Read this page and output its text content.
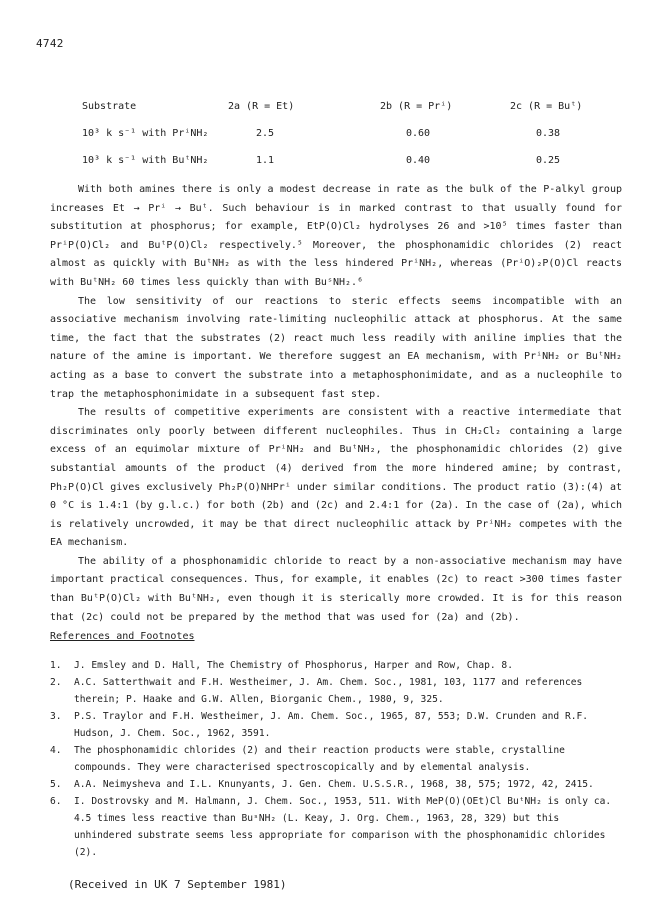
4742
Substrate	2a (R = Et)	2b (R = Prⁱ)	2c (R = Buᵗ)
10³ k s⁻¹ with PrⁱNH₂	2.5	0.60	0.38
10³ k s⁻¹ with BuᵗNH₂	1.1	0.40	0.25

With both amines there is only a modest decrease in rate as the bulk of the P-alkyl group increases Et → Prⁱ → Buᵗ. Such behaviour is in marked contrast to that usually found for substitution at phosphorus; for example, EtP(O)Cl₂ hydrolyses 26 and >10⁵ times faster than PrⁱP(O)Cl₂ and BuᵗP(O)Cl₂ respectively.⁵ Moreover, the phosphonamidic chlorides (2) react almost as quickly with BuᵗNH₂ as with the less hindered PrⁱNH₂, whereas (PrⁱO)₂P(O)Cl reacts with BuᵗNH₂ 60 times less quickly than with BuˢNH₂.⁶

The low sensitivity of our reactions to steric effects seems incompatible with an associative mechanism involving rate-limiting nucleophilic attack at phosphorus. At the same time, the fact that the substrates (2) react much less readily with aniline implies that the nature of the amine is important. We therefore suggest an EA mechanism, with PrⁱNH₂ or BuᵗNH₂ acting as a base to convert the substrate into a metaphosphonimidate, and as a nucleophile to trap the metaphosphonimidate in a subsequent fast step.

The results of competitive experiments are consistent with a reactive intermediate that discriminates only poorly between different nucleophiles. Thus in CH₂Cl₂ containing a large excess of an equimolar mixture of PrⁱNH₂ and BuᵗNH₂, the phosphonamidic chlorides (2) give substantial amounts of the product (4) derived from the more hindered amine; by contrast, Ph₂P(O)Cl gives exclusively Ph₂P(O)NHPrⁱ under similar conditions. The product ratio (3):(4) at 0 °C is 1.4:1 (by g.l.c.) for both (2b) and (2c) and 2.4:1 for (2a). In the case of (2a), which is relatively uncrowded, it may be that direct nucleophilic attack by PrⁱNH₂ competes with the EA mechanism.

The ability of a phosphonamidic chloride to react by a non-associative mechanism may have important practical consequences. Thus, for example, it enables (2c) to react >300 times faster than BuᵗP(O)Cl₂ with BuᵗNH₂, even though it is sterically more crowded. It is for this reason that (2c) could not be prepared by the method that was used for (2a) and (2b).

References and Footnotes
1. J. Emsley and D. Hall, The Chemistry of Phosphorus, Harper and Row, Chap. 8.
2. A.C. Satterthwait and F.H. Westheimer, J. Am. Chem. Soc., 1981, 103, 1177 and references therein; P. Haake and G.W. Allen, Biorganic Chem., 1980, 9, 325.
3. P.S. Traylor and F.H. Westheimer, J. Am. Chem. Soc., 1965, 87, 553; D.W. Crunden and R.F. Hudson, J. Chem. Soc., 1962, 3591.
4. The phosphonamidic chlorides (2) and their reaction products were stable, crystalline compounds. They were characterised spectroscopically and by elemental analysis.
5. A.A. Neimysheva and I.L. Knunyants, J. Gen. Chem. U.S.S.R., 1968, 38, 575; 1972, 42, 2415.
6. I. Dostrovsky and M. Halmann, J. Chem. Soc., 1953, 511. With MeP(O)(OEt)Cl BuᵗNH₂ is only ca. 4.5 times less reactive than BuˢNH₂ (L. Keay, J. Org. Chem., 1963, 28, 329) but this unhindered substrate seems less appropriate for comparison with the phosphonamidic chlorides (2).
(Received in UK 7 September 1981)
